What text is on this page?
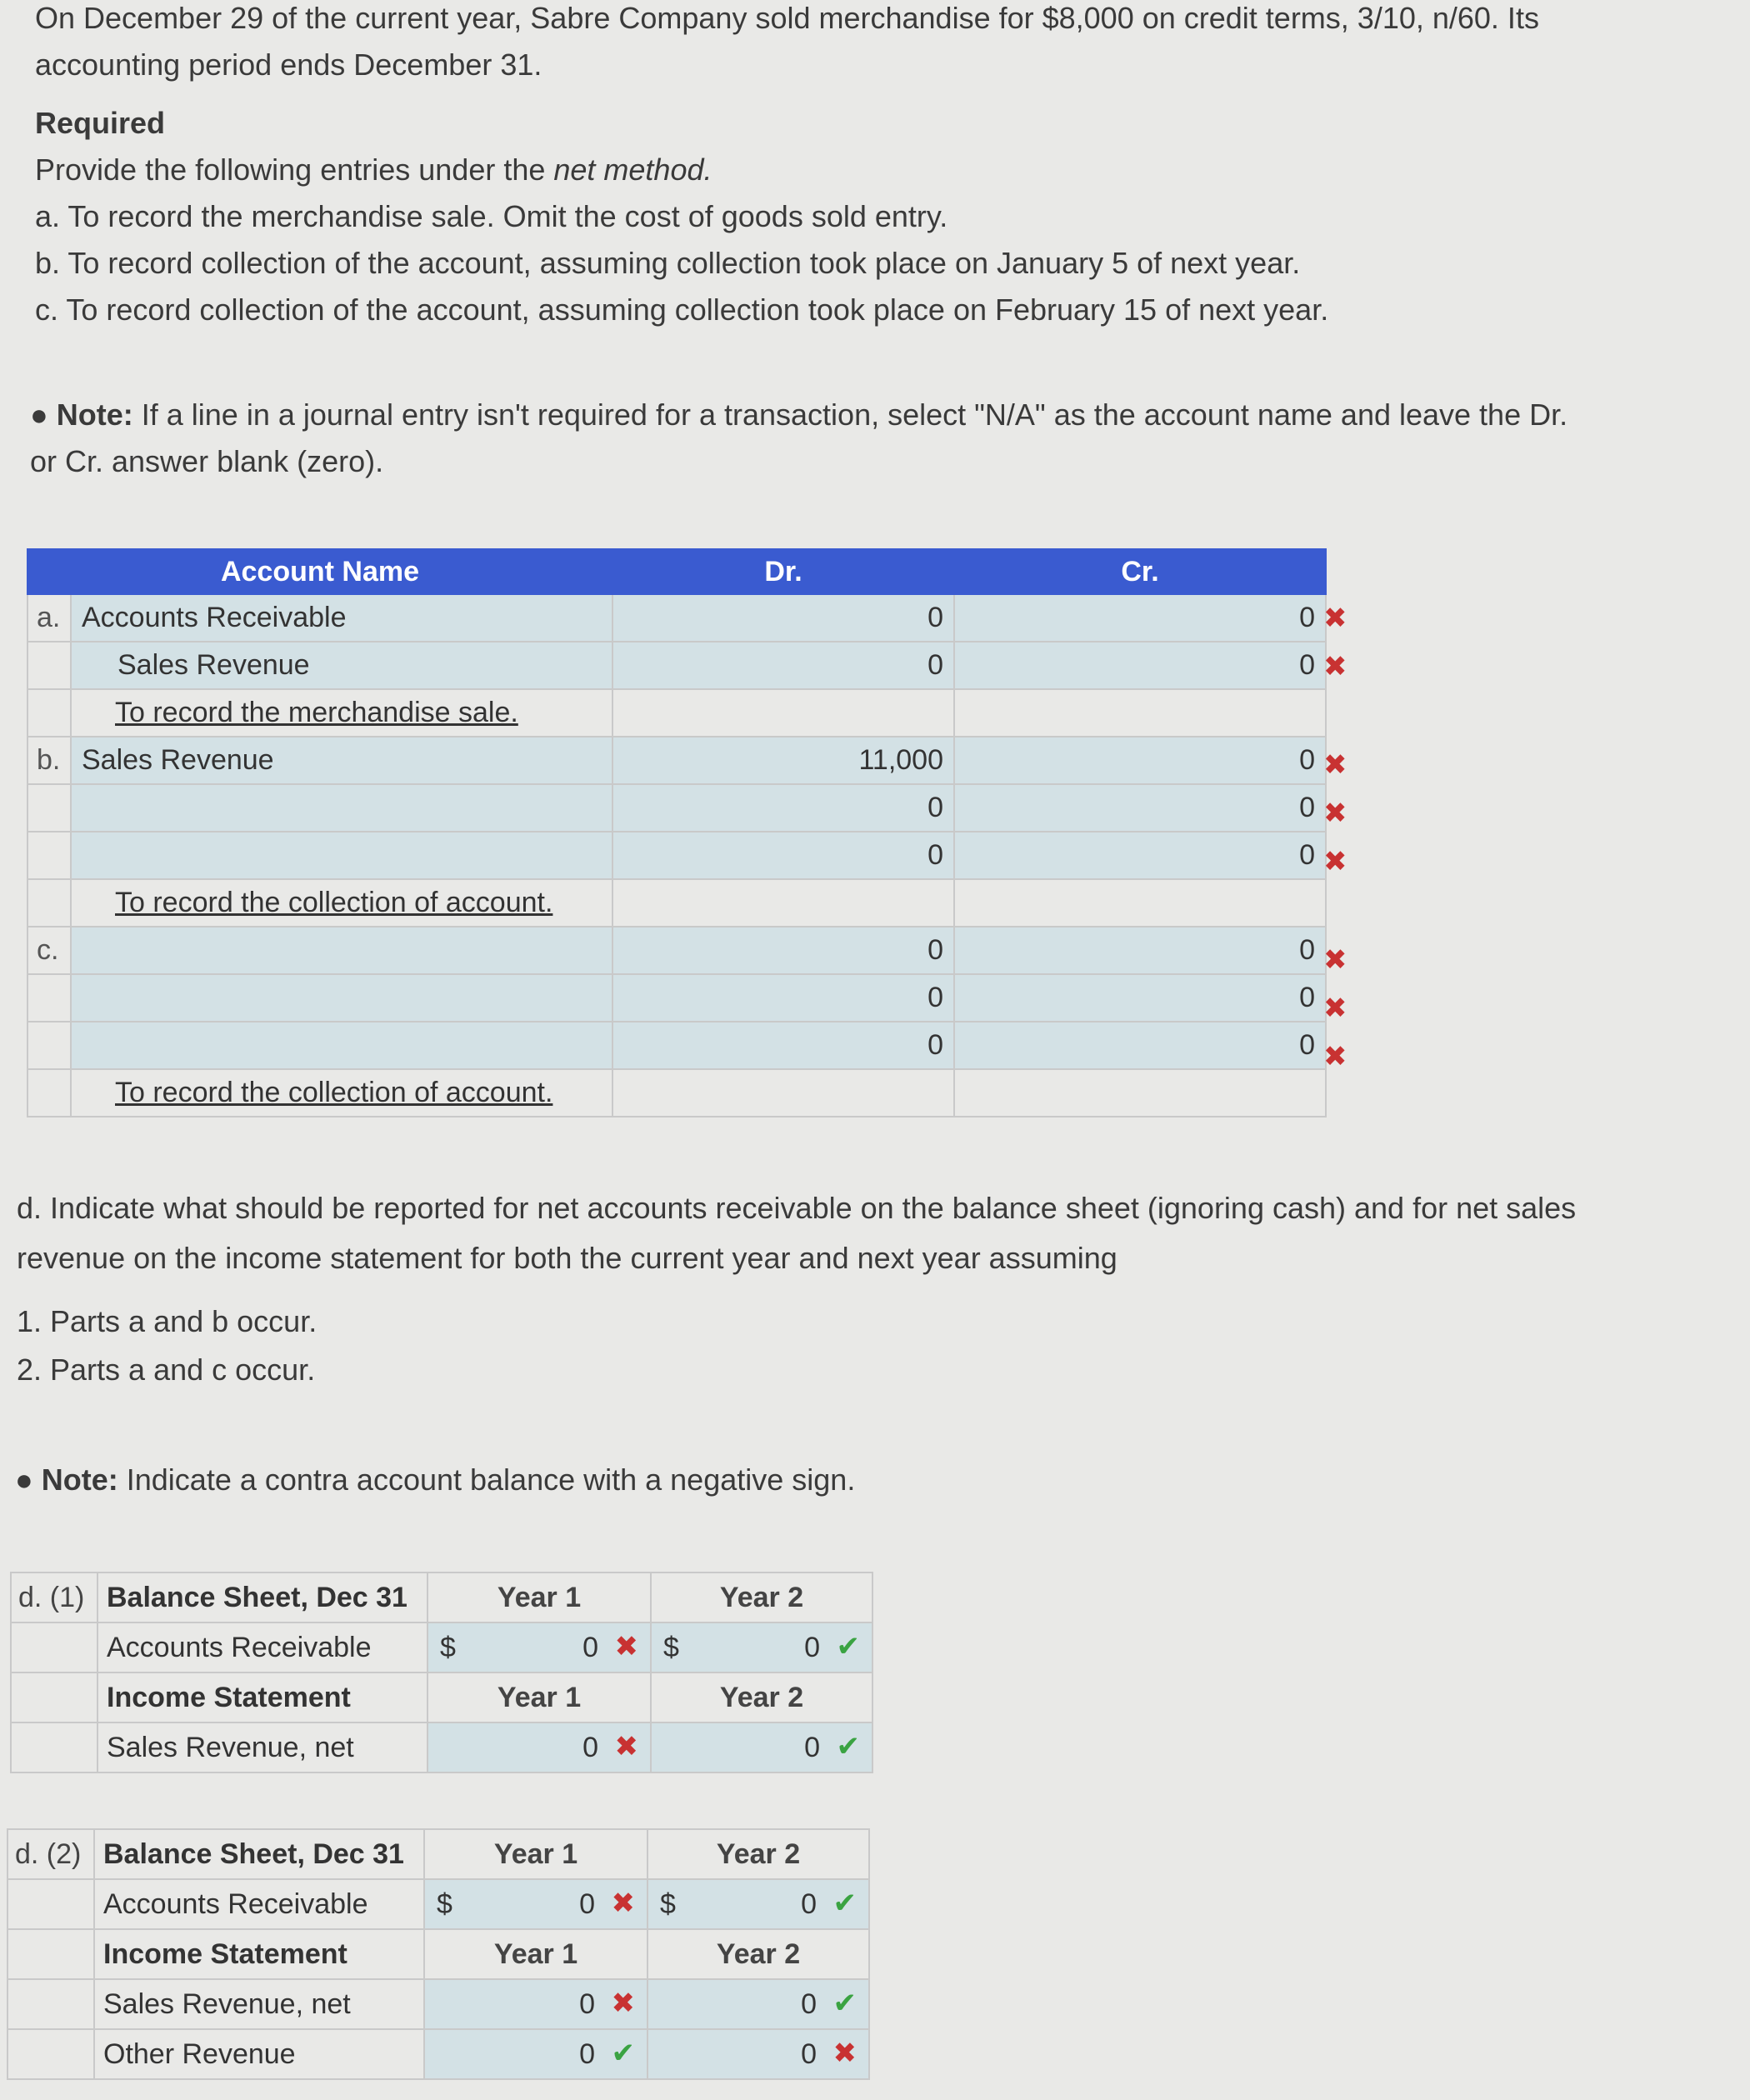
On December 29 of the current year, Sabre Company sold merchandise for $8,000 on credit terms, 3/10, n/60. Its
accounting period ends December 31.
Required
Provide the following entries under the net method.
a. To record the merchandise sale. Omit the cost of goods sold entry.
b. To record collection of the account, assuming collection took place on January 5 of next year.
c. To record collection of the account, assuming collection took place on February 15 of next year.
● Note: If a line in a journal entry isn't required for a transaction, select "N/A" as the account name and leave the Dr.
or Cr. answer blank (zero).
Account Name		Dr.	Cr.
a.	Accounts Receivable	0	0
	Sales Revenue	0	0
	To record the merchandise sale.		
b.	Sales Revenue	11,000	0
		0	0
		0	0
	To record the collection of account.		
c.		0	0
		0	0
		0	0
	To record the collection of account.		
✖
✖
✖
✖
✖
✖
✖
✖
d. Indicate what should be reported for net accounts receivable on the balance sheet (ignoring cash) and for net sales
revenue on the income statement for both the current year and next year assuming
1. Parts a and b occur.
2. Parts a and c occur.
● Note: Indicate a contra account balance with a negative sign.
d. (1)	Balance Sheet, Dec 31	Year 1	Year 2
	Accounts Receivable	$ 0 ✖	$ 0 ✔

	Income Statement	Year 1	Year 2
	Sales Revenue, net	0 ✖	0 ✔
d. (2)	Balance Sheet, Dec 31	Year 1	Year 2
	Accounts Receivable	$ 0 ✖	$ 0 ✔

	Income Statement	Year 1	Year 2
	Sales Revenue, net	0 ✖	0 ✔

	Other Revenue	0 ✔	0 ✖
